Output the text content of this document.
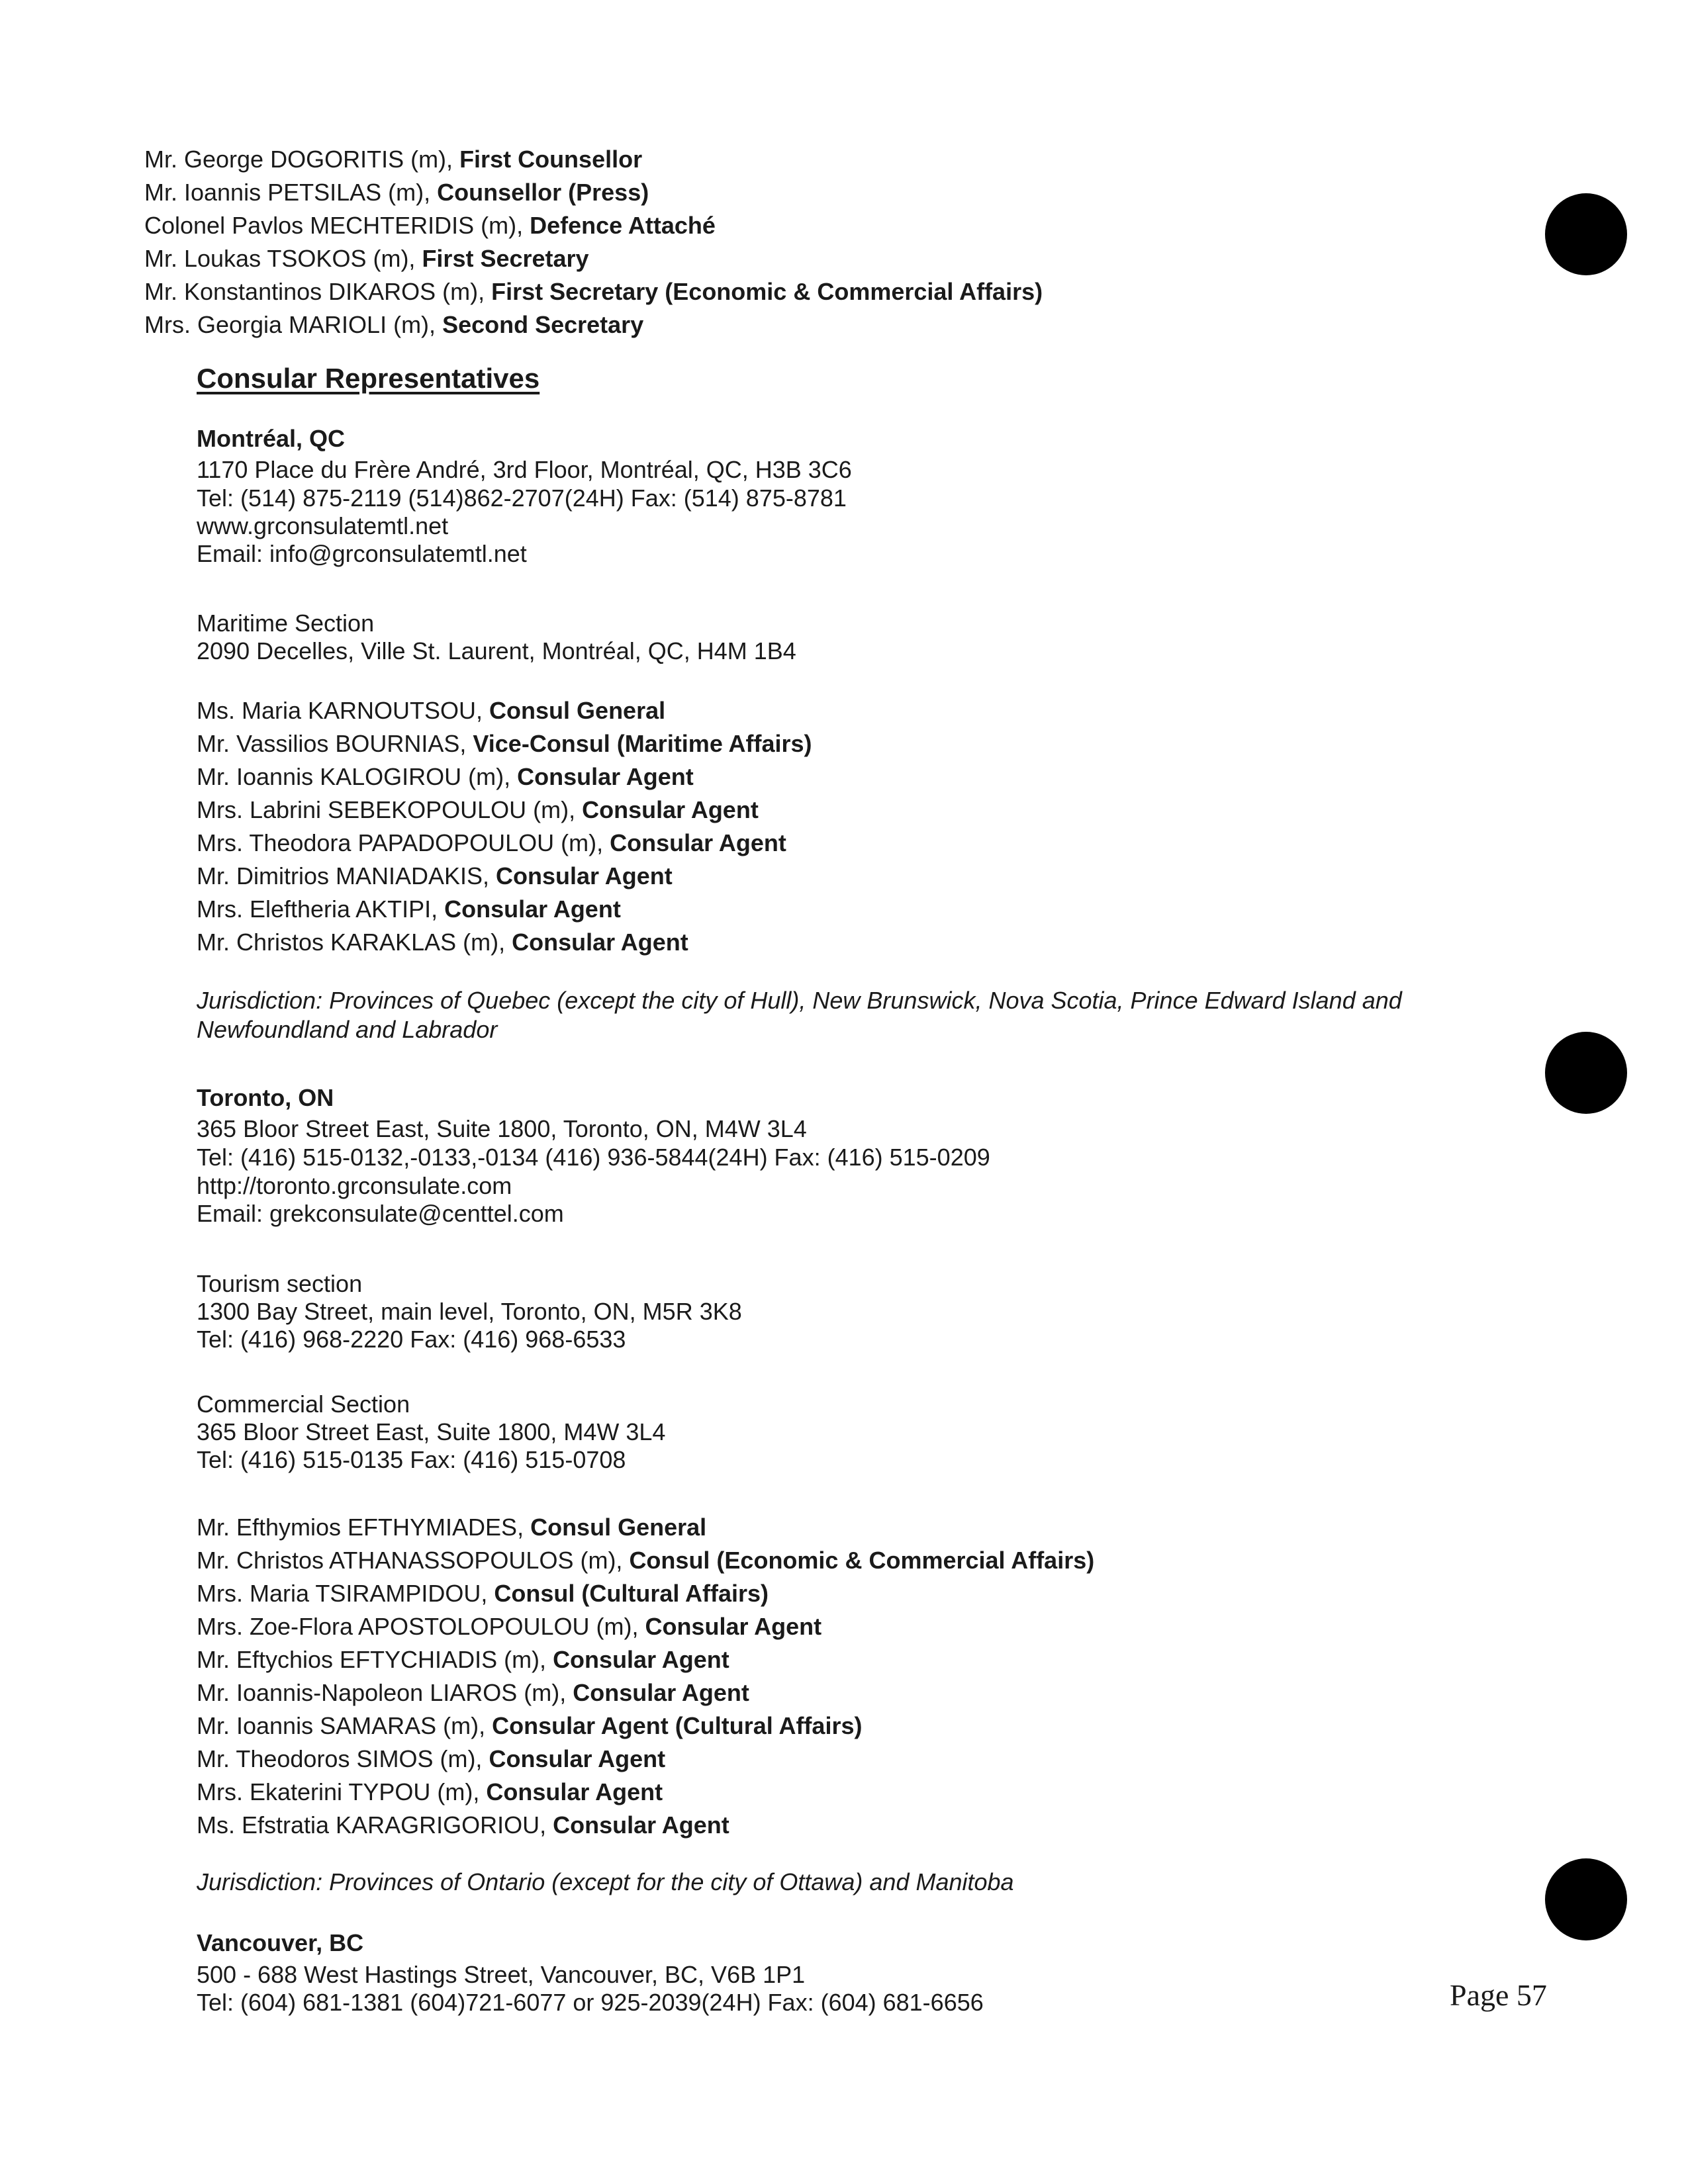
Mr. George DOGORITIS (m), First Counsellor
Mr. Ioannis PETSILAS (m), Counsellor (Press)
Colonel Pavlos MECHTERIDIS (m), Defence Attaché
Mr. Loukas TSOKOS (m), First Secretary
Mr. Konstantinos DIKAROS (m), First Secretary (Economic & Commercial Affairs)
Mrs. Georgia MARIOLI (m), Second Secretary
Consular Representatives
Montréal, QC
1170 Place du Frère André, 3rd Floor, Montréal, QC, H3B 3C6
Tel: (514) 875-2119 (514)862-2707(24H) Fax: (514) 875-8781
www.grconsulatemtl.net
Email: info@grconsulatemtl.net
Maritime Section
2090 Decelles, Ville St. Laurent, Montréal, QC, H4M 1B4
Ms. Maria KARNOUTSOU, Consul General
Mr. Vassilios BOURNIAS, Vice-Consul (Maritime Affairs)
Mr. Ioannis KALOGIROU (m), Consular Agent
Mrs. Labrini SEBEKOPOULOU (m), Consular Agent
Mrs. Theodora PAPADOPOULOU (m), Consular Agent
Mr. Dimitrios MANIADAKIS, Consular Agent
Mrs. Eleftheria AKTIPI, Consular Agent
Mr. Christos KARAKLAS (m), Consular Agent
Jurisdiction: Provinces of Quebec (except the city of Hull), New Brunswick, Nova Scotia, Prince Edward Island and
Newfoundland and Labrador
Toronto, ON
365 Bloor Street East, Suite 1800, Toronto, ON, M4W 3L4
Tel: (416) 515-0132,-0133,-0134 (416) 936-5844(24H) Fax: (416) 515-0209
http://toronto.grconsulate.com
Email: grekconsulate@centtel.com
Tourism section
1300 Bay Street, main level, Toronto, ON, M5R 3K8
Tel: (416) 968-2220 Fax: (416) 968-6533
Commercial Section
365 Bloor Street East, Suite 1800, M4W 3L4
Tel: (416) 515-0135 Fax: (416) 515-0708
Mr. Efthymios EFTHYMIADES, Consul General
Mr. Christos ATHANASSOPOULOS (m), Consul (Economic & Commercial Affairs)
Mrs. Maria TSIRAMPIDOU, Consul (Cultural Affairs)
Mrs. Zoe-Flora APOSTOLOPOULOU (m), Consular Agent
Mr. Eftychios EFTYCHIADIS (m), Consular Agent
Mr. Ioannis-Napoleon LIAROS (m), Consular Agent
Mr. Ioannis SAMARAS (m), Consular Agent (Cultural Affairs)
Mr. Theodoros SIMOS (m), Consular Agent
Mrs. Ekaterini TYPOU (m), Consular Agent
Ms. Efstratia KARAGRIGORIOU, Consular Agent
Jurisdiction: Provinces of Ontario (except for the city of Ottawa) and Manitoba
Vancouver, BC
500 - 688 West Hastings Street, Vancouver, BC, V6B 1P1
Tel: (604) 681-1381 (604)721-6077 or 925-2039(24H) Fax: (604) 681-6656	Page 57
